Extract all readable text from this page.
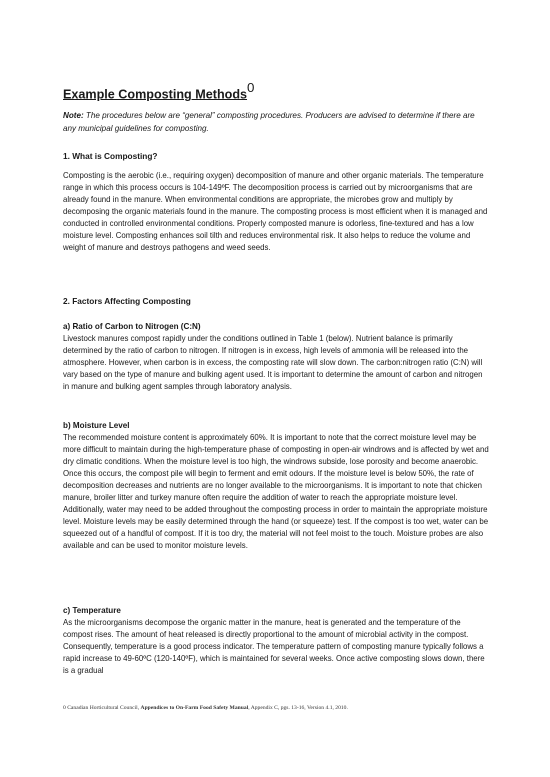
Example Composting Methods$^0$
Note: The procedures below are “general” composting procedures. Producers are advised to determine if there are any municipal guidelines for composting.
1. What is Composting?

Composting is the aerobic (i.e., requiring oxygen) decomposition of manure and other organic materials. The temperature range in which this process occurs is 104-149ºF. The decomposition process is carried out by microorganisms that are already found in the manure. When environmental conditions are appropriate, the microbes grow and multiply by decomposing the organic materials found in the manure. The composting process is most efficient when it is managed and conducted in controlled environmental conditions. Properly composted manure is odorless, fine-textured and has a low moisture level. Composting enhances soil tilth and reduces environmental risk. It also helps to reduce the volume and weight of manure and destroys pathogens and weed seeds.

2. Factors Affecting Composting
a) Ratio of Carbon to Nitrogen (C:N)

Livestock manures compost rapidly under the conditions outlined in Table 1 (below). Nutrient balance is primarily determined by the ratio of carbon to nitrogen. If nitrogen is in excess, high levels of ammonia will be released into the atmosphere. However, when carbon is in excess, the composting rate will slow down. The carbon:nitrogen ratio (C:N) will vary based on the type of manure and bulking agent used. It is important to determine the amount of carbon and nitrogen in manure and bulking agent samples through laboratory analysis.

b) Moisture Level

The recommended moisture content is approximately 60%. It is important to note that the correct moisture level may be more difficult to maintain during the high-temperature phase of composting in open-air windrows and is affected by wet and dry climatic conditions. When the moisture level is too high, the windrows subside, lose porosity and become anaerobic. Once this occurs, the compost pile will begin to ferment and emit odours. If the moisture level is below 50%, the rate of decomposition decreases and nutrients are no longer available to the microorganisms. It is important to note that chicken manure, broiler litter and turkey manure often require the addition of water to reach the appropriate moisture level. Additionally, water may need to be added throughout the composting process in order to maintain the appropriate moisture level. Moisture levels may be easily determined through the hand (or squeeze) test. If the compost is too wet, water can be squeezed out of a handful of compost. If it is too dry, the material will not feel moist to the touch. Moisture probes are also available and can be used to monitor moisture levels.

c) Temperature

As the microorganisms decompose the organic matter in the manure, heat is generated and the temperature of the compost rises. The amount of heat released is directly proportional to the amount of microbial activity in the compost. Consequently, temperature is a good process indicator. The temperature pattern of composting manure typically follows a rapid increase to 49-60ºC (120-140ºF), which is maintained for several weeks. Once active composting slows down, there is a gradual

0 Canadian Horticultural Council, Appendices to On-Farm Food Safety Manual, Appendix C, pgs. 13-16, Version 4.1, 2010.
